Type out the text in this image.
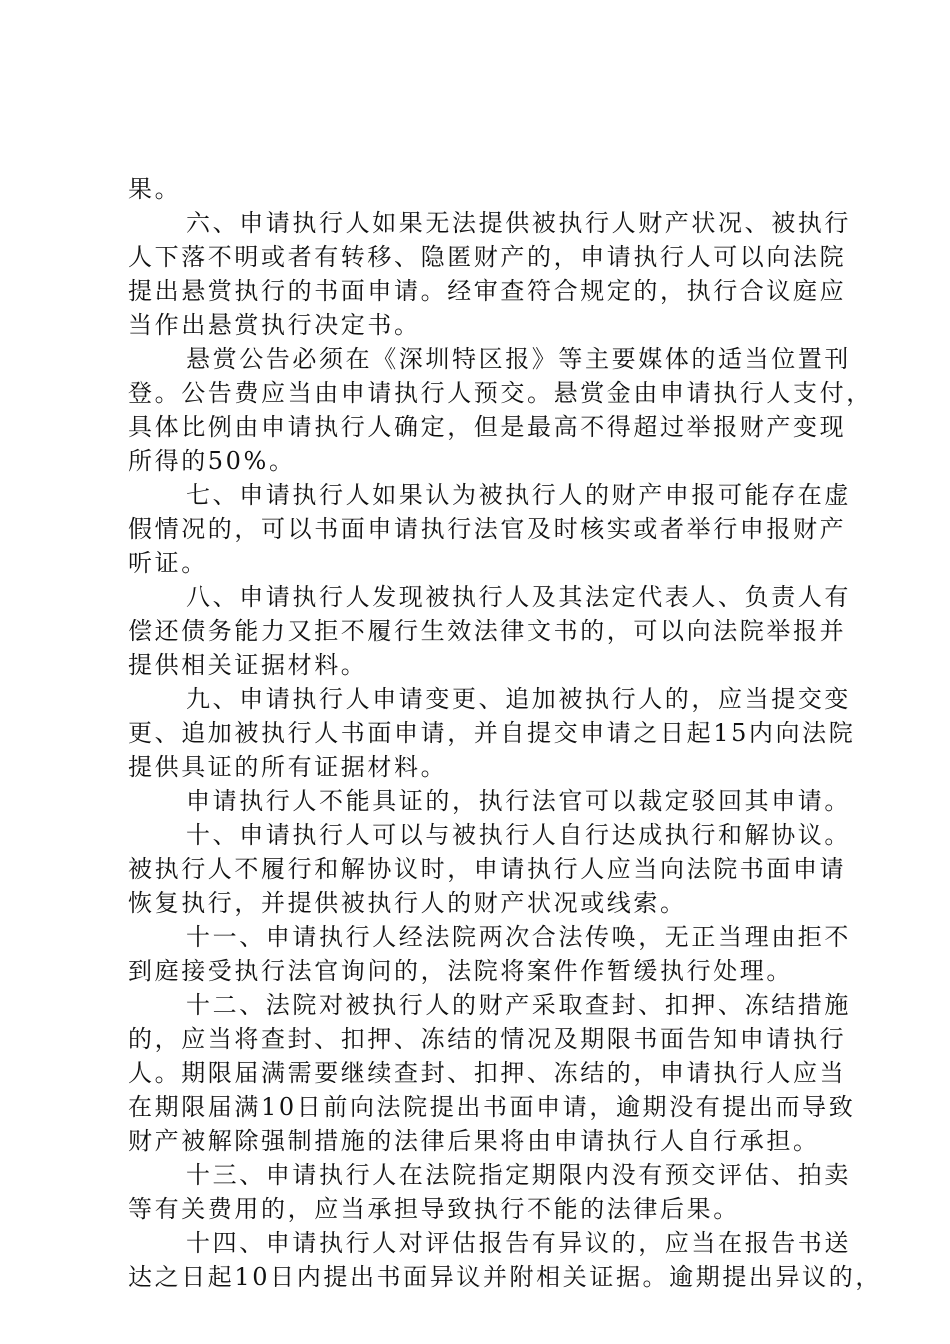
果。
六、申请执行人如果无法提供被执行人财产状况、被执行
人下落不明或者有转移、隐匿财产的，申请执行人可以向法院
提出悬赏执行的书面申请。经审查符合规定的，执行合议庭应
当作出悬赏执行决定书。
悬赏公告必须在《深圳特区报》等主要媒体的适当位置刊
登。公告费应当由申请执行人预交。悬赏金由申请执行人支付，
具体比例由申请执行人确定，但是最高不得超过举报财产变现
所得的50%。
七、申请执行人如果认为被执行人的财产申报可能存在虚
假情况的，可以书面申请执行法官及时核实或者举行申报财产
听证。
八、申请执行人发现被执行人及其法定代表人、负责人有
偿还债务能力又拒不履行生效法律文书的，可以向法院举报并
提供相关证据材料。
九、申请执行人申请变更、追加被执行人的，应当提交变
更、追加被执行人书面申请，并自提交申请之日起15内向法院
提供具证的所有证据材料。
申请执行人不能具证的，执行法官可以裁定驳回其申请。
十、申请执行人可以与被执行人自行达成执行和解协议。
被执行人不履行和解协议时，申请执行人应当向法院书面申请
恢复执行，并提供被执行人的财产状况或线索。
十一、申请执行人经法院两次合法传唤，无正当理由拒不
到庭接受执行法官询问的，法院将案件作暂缓执行处理。
十二、法院对被执行人的财产采取查封、扣押、冻结措施
的，应当将查封、扣押、冻结的情况及期限书面告知申请执行
人。期限届满需要继续查封、扣押、冻结的，申请执行人应当
在期限届满10日前向法院提出书面申请，逾期没有提出而导致
财产被解除强制措施的法律后果将由申请执行人自行承担。
十三、申请执行人在法院指定期限内没有预交评估、拍卖
等有关费用的，应当承担导致执行不能的法律后果。
十四、申请执行人对评估报告有异议的，应当在报告书送
达之日起10日内提出书面异议并附相关证据。逾期提出异议的，
